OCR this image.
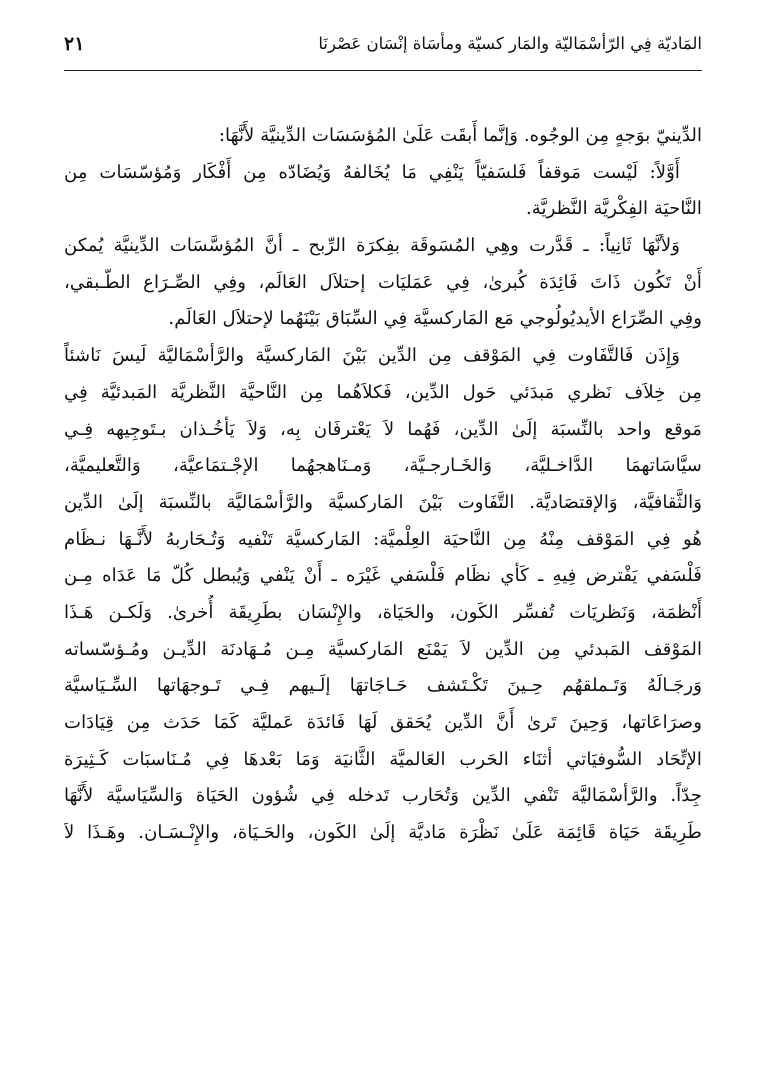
المَاديّة فِي الرّأسْمَاليّة والمَار كسيّة ومأسَاة إنْسَان عَصْرنَا
٢١
الدِّينيّ بوَجهٍ مِن الوجُوه. وَإنَّما أَبقَت عَلَىٰ المُؤسَسَات الدِّينيَّة لأَنَّهَا:
أَوَّلاً: لَيْست مَوقفاً فَلسَفيّاً يَنْفِي مَا يُخَالفهُ وَيُضَادّه مِن أَفْكَار وَمُؤسّسَات مِن
النَّاحيَة الفِكْريَّة النَّظريَّة.
وَلأنَّهَا ثَانِياً: ـ قَدَّرت وهِي المُسَوقَة بفِكرَة الرِّبح ـ أنَّ المُؤسَّسَات الدِّينيَّة يُمكن
أَنْ تَكُون ذَاتَ فَائِدَة كُبرىٰ، فِي عَمَليَات إحتلاَل العَالَم، وفِي الصِّـرَاع الطّـبقي،
وفِي الصِّرَاع الأيديُولُوجي مَع المَاركسيَّة فِي السِّبَاق بَيْنَهُما لإحتلاَل العَالَم.
وَإِذَن فَالتَّفَاوت فِي المَوْقف مِن الدِّين بَيْنَ المَاركسيَّة والرَّأسْمَاليَّة لَيسَ نَاشئاً
مِن خِلاَف نَظري مَبدَئي حَول الدِّين، فَكلاَهُما مِن النَّاحيَّة النَّظريَّة المَبدئيَّة فِي
مَوقع واحد بالنِّسبَة إلَىٰ الدِّين، فَهُما لاَ يَعْترفَان بِه، وَلاَ يَأخُـذان بـتَوجِيهه فِـي
سيَّاسَاتهمَا الدَّاخـليَّة، وَالخَـارجـيَّة، وَمـنَاهجهُما الإجْـتمَاعيَّة، وَالتَّعليميَّة،
وَالثَّقافيَّة، وَالإقتصَاديَّة. التَّفَاوت بَيْنَ المَاركسيَّة والرَّأسْمَاليَّة بالنِّسبَة إلَىٰ الدِّين
هُو فِي المَوْقف مِنْهُ مِن النَّاحيَة العِلْميَّة: المَاركسيَّة تَنْفيه وَتُـحَاربهُ لأَنَّـهَا نـظَام
فَلْسَفي يَفْترض فِيهِ ـ كَأي نظَام فَلْسَفي غَيْرَه ـ أَنْ يَنْفي وَيُبطل كُلّ مَا عَدَاه مِـن
أَنْظمَة، وَنَظريَات تُفسِّر الكَون، والحَيَاة، والإِنْسَان بطَرِيقَة أُخرىٰ. وَلَكـن هَـذَا
المَوْقف المَبدئي مِن الدِّين لاَ يَمْنَع المَاركسيَّة مِـن مُـهَادنَة الدِّيـن ومُـؤسّساته
وَرجَـالَهُ وَتَـملقهُم حِـينَ تَكْـتَشف حَـاجَاتهَا إلَـيهم فِـي تَـوجهَاتها السِّـيَاسيَّة
وصرَاعَاتها، وَحِينَ تَرىٰ أَنَّ الدِّين يُحَقق لَهَا فَائدَة عَمليَّة كَمَا حَدَث مِن قِيَادَات
الإتِّحَاد السُّوفيَاتي أثنَاء الحَرب العَالميَّة الثَّانيَة وَمَا بَعْدهَا فِي مُـنَاسبَات كَـثِيرَة
جِدّاً. والرَّأسْمَاليَّة تَنْفي الدِّين وَتُحَارب تَدخله فِي شُؤون الحَيَاة وَالسِّيَاسيَّة لأَنَّهَا
طَرِيقَة حَيَاة قَائِمَة عَلَىٰ نَظْرَة مَاديَّة إلَىٰ الكَون، والحَـيَاة، والإِنْـسَـان. وهَـذَا لاَ
